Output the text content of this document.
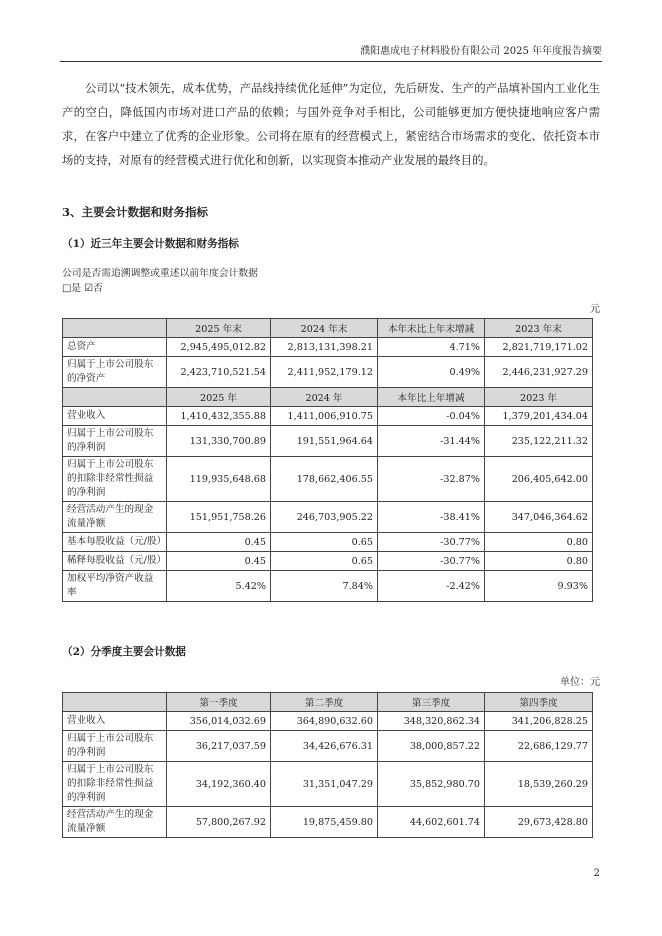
濮阳惠成电子材料股份有限公司 2025 年年度报告摘要
公司以“技术领先，成本优势，产品线持续优化延伸”为定位，先后研发、生产的产品填补国内工业化生产的空白，降低国内市场对进口产品的依赖；与国外竞争对手相比，公司能够更加方便快捷地响应客户需求，在客户中建立了优秀的企业形象。公司将在原有的经营模式上，紧密结合市场需求的变化、依托资本市场的支持，对原有的经营模式进行优化和创新，以实现资本推动产业发展的最终目的。
3、主要会计数据和财务指标
（1）近三年主要会计数据和财务指标
公司是否需追溯调整或重述以前年度会计数据
□是 ☑否
元
	2025 年末	2024 年末	本年末比上年末增减	2023 年末
总资产	2,945,495,012.82	2,813,131,398.21	4.71%	2,821,719,171.02
归属于上市公司股东的净资产	2,423,710,521.54	2,411,952,179.12	0.49%	2,446,231,927.29
	2025 年	2024 年	本年比上年增减	2023 年
营业收入	1,410,432,355.88	1,411,006,910.75	-0.04%	1,379,201,434.04
归属于上市公司股东的净利润	131,330,700.89	191,551,964.64	-31.44%	235,122,211.32
归属于上市公司股东的扣除非经常性损益的净利润	119,935,648.68	178,662,406.55	-32.87%	206,405,642.00
经营活动产生的现金流量净额	151,951,758.26	246,703,905.22	-38.41%	347,046,364.62
基本每股收益（元/股）	0.45	0.65	-30.77%	0.80
稀释每股收益（元/股）	0.45	0.65	-30.77%	0.80
加权平均净资产收益率	5.42%	7.84%	-2.42%	9.93%
（2）分季度主要会计数据
单位：元
	第一季度	第二季度	第三季度	第四季度
营业收入	356,014,032.69	364,890,632.60	348,320,862.34	341,206,828.25
归属于上市公司股东的净利润	36,217,037.59	34,426,676.31	38,000,857.22	22,686,129.77
归属于上市公司股东的扣除非经常性损益的净利润	34,192,360.40	31,351,047.29	35,852,980.70	18,539,260.29
经营活动产生的现金流量净额	57,800,267.92	19,875,459.80	44,602,601.74	29,673,428.80
2
